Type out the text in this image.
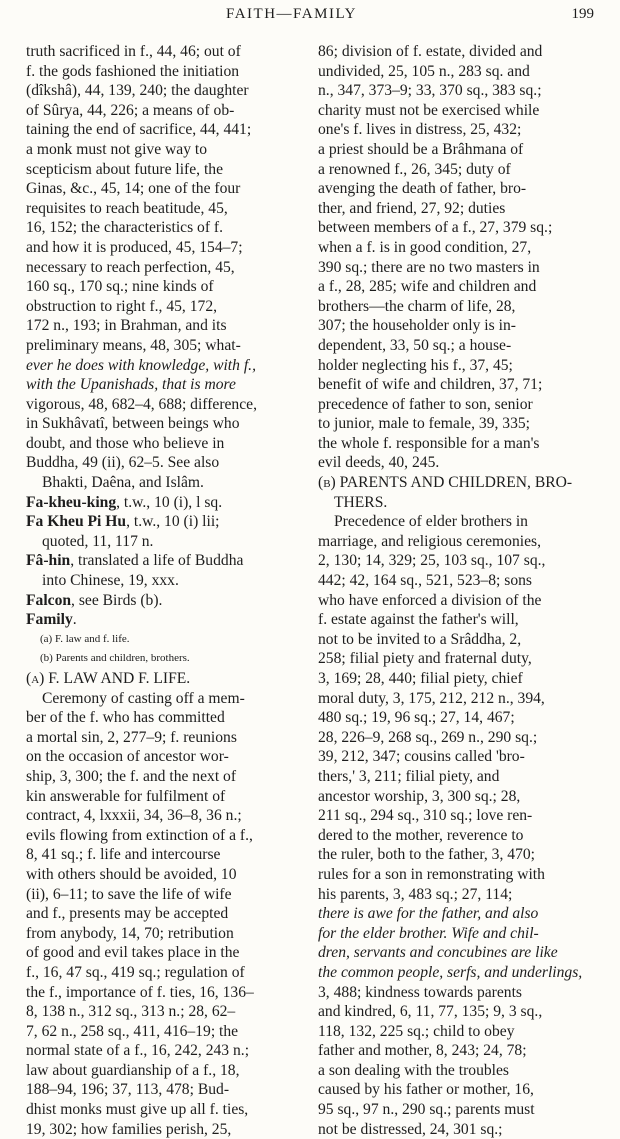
FAITH—FAMILY	199
truth sacrificed in f., 44, 46; out of
f. the gods fashioned the initiation
(dîkshâ), 44, 139, 240; the daughter
of Sûrya, 44, 226; a means of ob-
taining the end of sacrifice, 44, 441;
a monk must not give way to
scepticism about future life, the
Ginas, &c., 45, 14; one of the four
requisites to reach beatitude, 45,
16, 152; the characteristics of f.
and how it is produced, 45, 154–7;
necessary to reach perfection, 45,
160 sq., 170 sq.; nine kinds of
obstruction to right f., 45, 172,
172 n., 193; in Brahman, and its
preliminary means, 48, 305; what-
ever he does with knowledge, with f.,
with the Upanishads, that is more
vigorous, 48, 682–4, 688; difference,
in Sukhâvatî, between beings who
doubt, and those who believe in
Buddha, 49 (ii), 62–5. See also
Bhakti, Daêna, and Islâm.
Fa-kheu-king, t.w., 10 (i), l sq.
Fa Kheu Pi Hu, t.w., 10 (i) lii;
quoted, 11, 117 n.
Fâ-hin, translated a life of Buddha
into Chinese, 19, xxx.
Falcon, see Birds (b).
Family.
(a) F. law and f. life.
(b) Parents and children, brothers.
(a) F. LAW AND F. LIFE.
Ceremony of casting off a mem-
ber of the f. who has committed
a mortal sin, 2, 277–9; f. reunions
on the occasion of ancestor wor-
ship, 3, 300; the f. and the next of
kin answerable for fulfilment of
contract, 4, lxxxii, 34, 36–8, 36 n.;
evils flowing from extinction of a f.,
8, 41 sq.; f. life and intercourse
with others should be avoided, 10
(ii), 6–11; to save the life of wife
and f., presents may be accepted
from anybody, 14, 70; retribution
of good and evil takes place in the
f., 16, 47 sq., 419 sq.; regulation of
the f., importance of f. ties, 16, 136–
8, 138 n., 312 sq., 313 n.; 28, 62–
7, 62 n., 258 sq., 411, 416–19; the
normal state of a f., 16, 242, 243 n.;
law about guardianship of a f., 18,
188–94, 196; 37, 113, 478; Bud-
dhist monks must give up all f. ties,
19, 302; how families perish, 25,
86; division of f. estate, divided and
undivided, 25, 105 n., 283 sq. and
n., 347, 373–9; 33, 370 sq., 383 sq.;
charity must not be exercised while
one's f. lives in distress, 25, 432;
a priest should be a Brâhmana of
a renowned f., 26, 345; duty of
avenging the death of father, bro-
ther, and friend, 27, 92; duties
between members of a f., 27, 379 sq.;
when a f. is in good condition, 27,
390 sq.; there are no two masters in
a f., 28, 285; wife and children and
brothers—the charm of life, 28,
307; the householder only is in-
dependent, 33, 50 sq.; a house-
holder neglecting his f., 37, 45;
benefit of wife and children, 37, 71;
precedence of father to son, senior
to junior, male to female, 39, 335;
the whole f. responsible for a man's
evil deeds, 40, 245.
(b) PARENTS AND CHILDREN, BRO-
THERS.
Precedence of elder brothers in
marriage, and religious ceremonies,
2, 130; 14, 329; 25, 103 sq., 107 sq.,
442; 42, 164 sq., 521, 523–8; sons
who have enforced a division of the
f. estate against the father's will,
not to be invited to a Srâddha, 2,
258; filial piety and fraternal duty,
3, 169; 28, 440; filial piety, chief
moral duty, 3, 175, 212, 212 n., 394,
480 sq.; 19, 96 sq.; 27, 14, 467;
28, 226–9, 268 sq., 269 n., 290 sq.;
39, 212, 347; cousins called 'bro-
thers,' 3, 211; filial piety, and
ancestor worship, 3, 300 sq.; 28,
211 sq., 294 sq., 310 sq.; love ren-
dered to the mother, reverence to
the ruler, both to the father, 3, 470;
rules for a son in remonstrating with
his parents, 3, 483 sq.; 27, 114;
there is awe for the father, and also
for the elder brother. Wife and chil-
dren, servants and concubines are like
the common people, serfs, and underlings,
3, 488; kindness towards parents
and kindred, 6, 11, 77, 135; 9, 3 sq.,
118, 132, 225 sq.; child to obey
father and mother, 8, 243; 24, 78;
a son dealing with the troubles
caused by his father or mother, 16,
95 sq., 97 n., 290 sq.; parents must
not be distressed, 24, 301 sq.;
